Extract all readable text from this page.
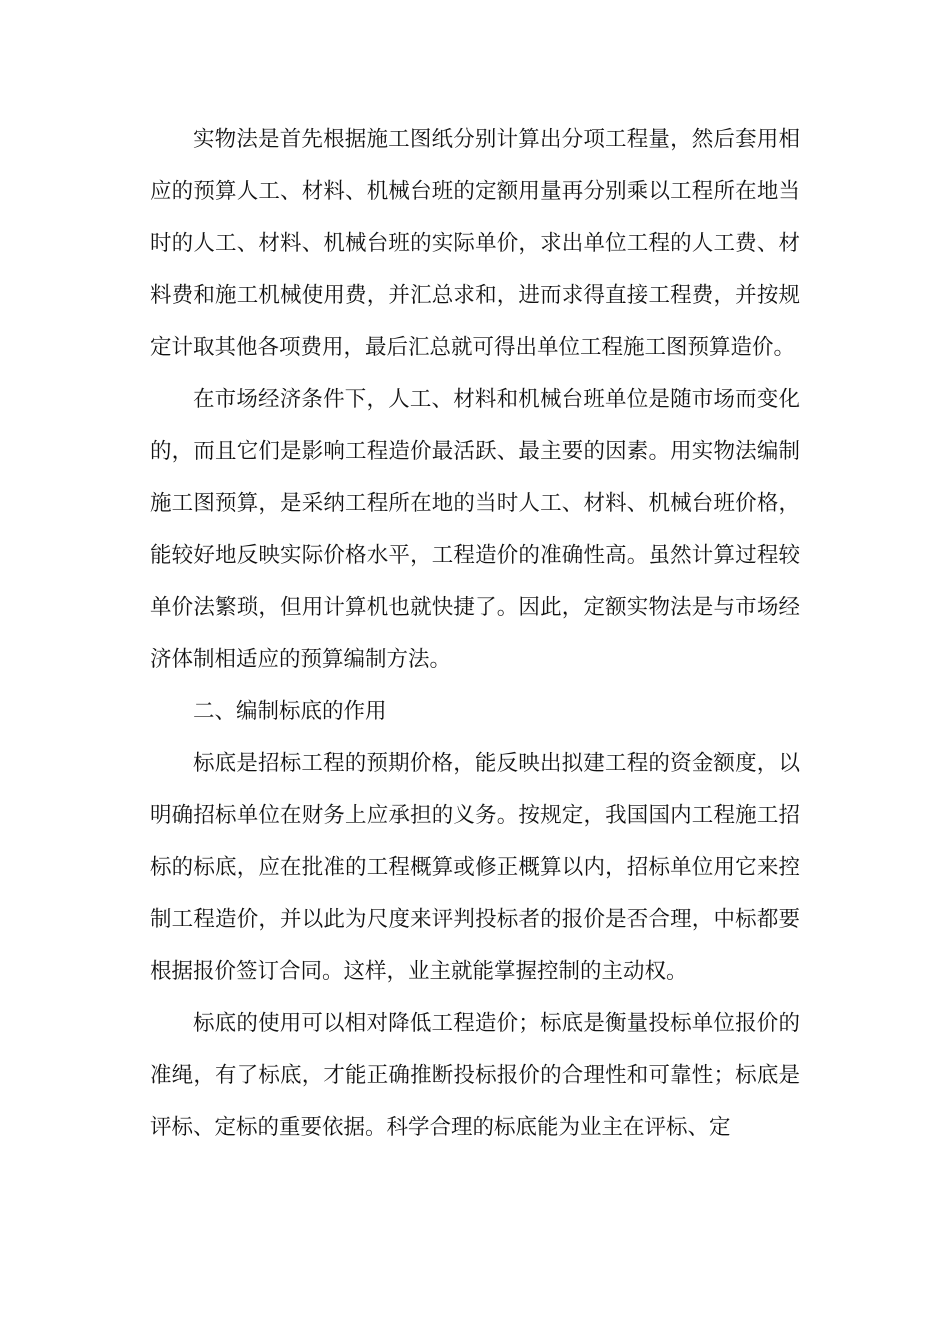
实物法是首先根据施工图纸分别计算出分项工程量，然后套用相应的预算人工、材料、机械台班的定额用量再分别乘以工程所在地当时的人工、材料、机械台班的实际单价，求出单位工程的人工费、材料费和施工机械使用费，并汇总求和，进而求得直接工程费，并按规定计取其他各项费用，最后汇总就可得出单位工程施工图预算造价。

在市场经济条件下，人工、材料和机械台班单位是随市场而变化的，而且它们是影响工程造价最活跃、最主要的因素。用实物法编制施工图预算，是采纳工程所在地的当时人工、材料、机械台班价格，能较好地反映实际价格水平，工程造价的准确性高。虽然计算过程较单价法繁琐，但用计算机也就快捷了。因此，定额实物法是与市场经济体制相适应的预算编制方法。

二、编制标底的作用

标底是招标工程的预期价格，能反映出拟建工程的资金额度，以明确招标单位在财务上应承担的义务。按规定，我国国内工程施工招标的标底，应在批准的工程概算或修正概算以内，招标单位用它来控制工程造价，并以此为尺度来评判投标者的报价是否合理，中标都要根据报价签订合同。这样，业主就能掌握控制的主动权。

标底的使用可以相对降低工程造价；标底是衡量投标单位报价的准绳，有了标底，才能正确推断投标报价的合理性和可靠性；标底是评标、定标的重要依据。科学合理的标底能为业主在评标、定
